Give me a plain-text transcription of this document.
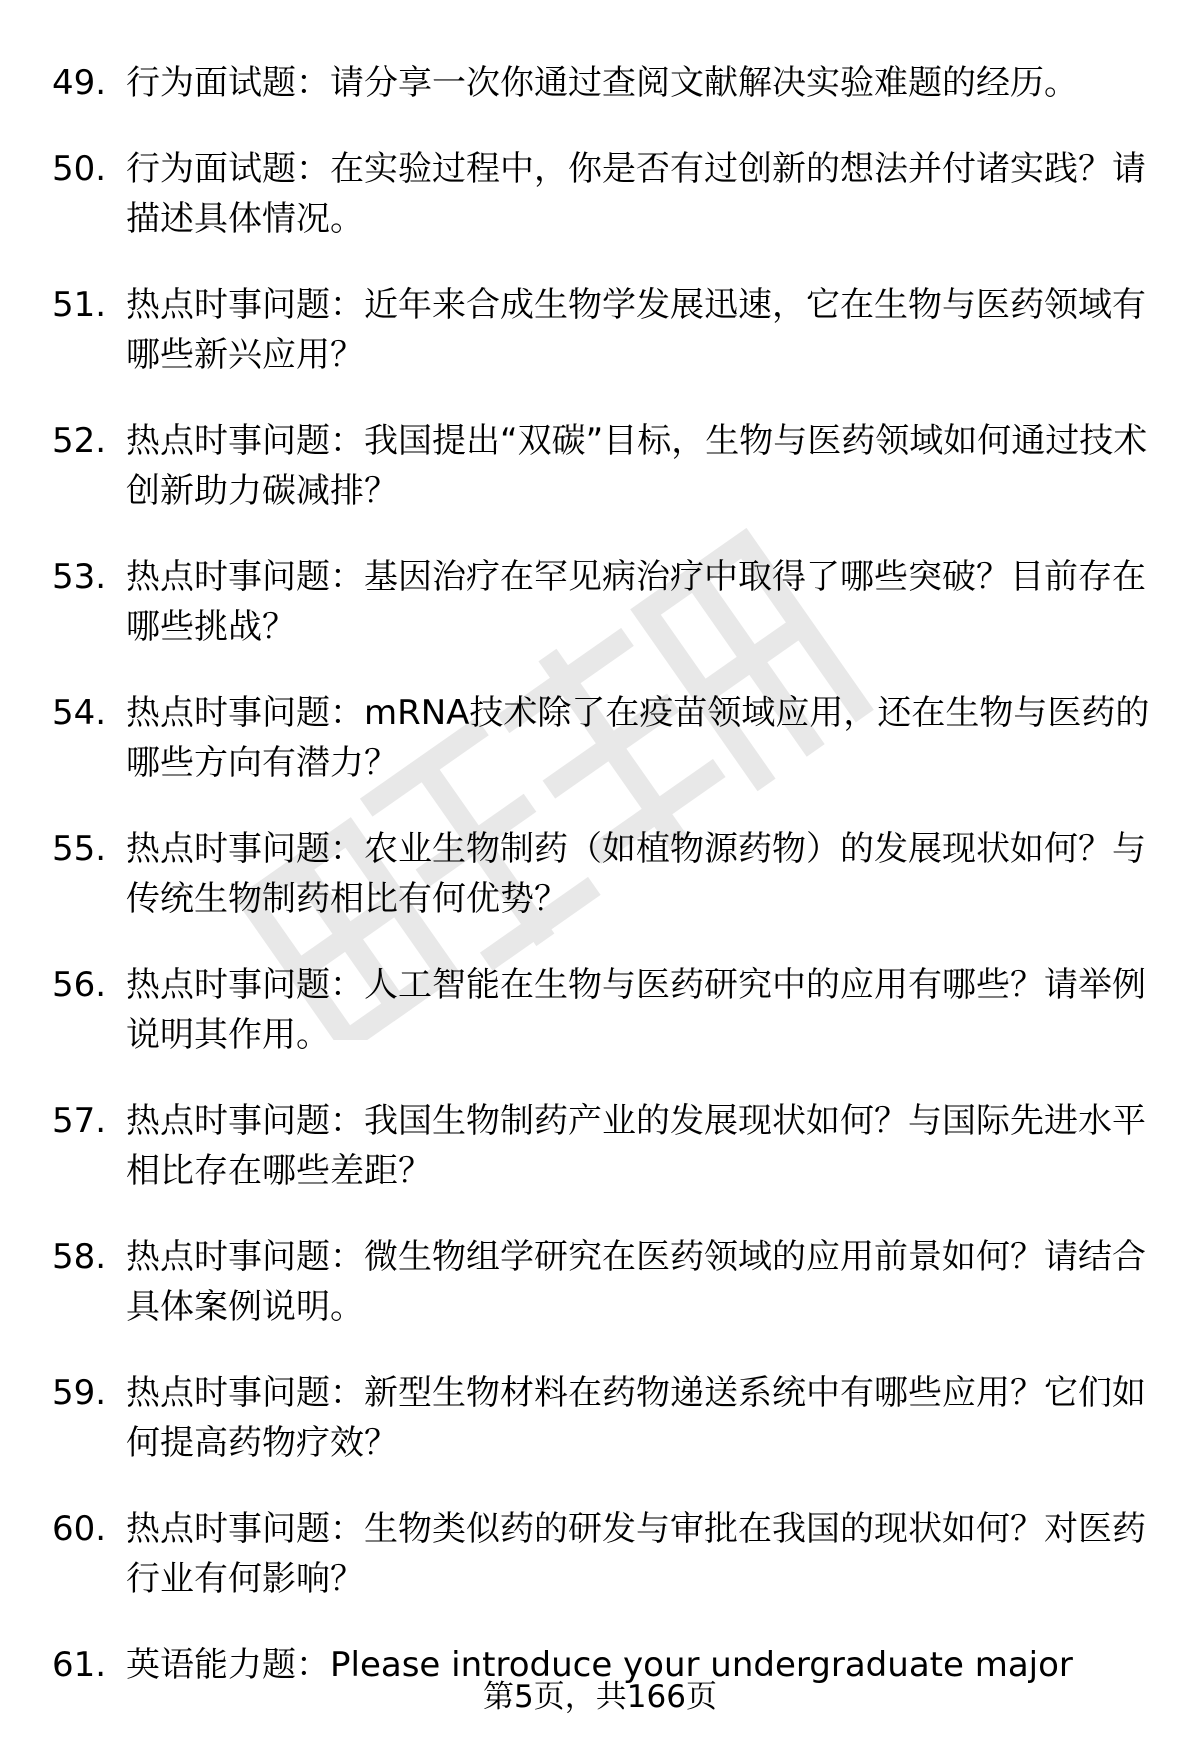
49. 行为面试题：请分享一次你通过查阅文献解决实验难题的经历。
50. 行为面试题：在实验过程中，你是否有过创新的想法并付诸实践？请描述具体情况。
51. 热点时事问题：近年来合成生物学发展迅速，它在生物与医药领域有哪些新兴应用？
52. 热点时事问题：我国提出“双碳”目标，生物与医药领域如何通过技术创新助力碳减排？
53. 热点时事问题：基因治疗在罕见病治疗中取得了哪些突破？目前存在哪些挑战？
54. 热点时事问题：mRNA技术除了在疫苗领域应用，还在生物与医药的哪些方向有潜力？
55. 热点时事问题：农业生物制药（如植物源药物）的发展现状如何？与传统生物制药相比有何优势？
56. 热点时事问题：人工智能在生物与医药研究中的应用有哪些？请举例说明其作用。
57. 热点时事问题：我国生物制药产业的发展现状如何？与国际先进水平相比存在哪些差距？
58. 热点时事问题：微生物组学研究在医药领域的应用前景如何？请结合具体案例说明。
59. 热点时事问题：新型生物材料在药物递送系统中有哪些应用？它们如何提高药物疗效？
60. 热点时事问题：生物类似药的研发与审批在我国的现状如何？对医药行业有何影响？
61. 英语能力题：Please introduce your undergraduate major
第5页，共166页
